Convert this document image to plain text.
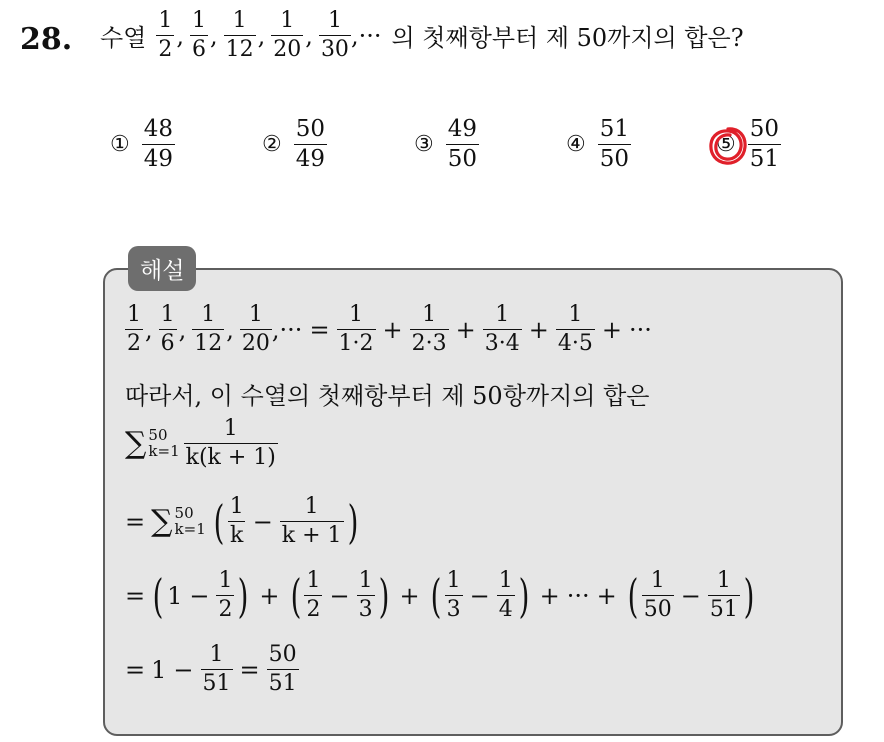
28. 수열 $\frac{1}{2}$ , $\frac{1}{6}$ , $\frac{1}{12}$ , $\frac{1}{20}$ , $\frac{1}{30}$ ,··· 의 첫째항부터 제 50까지의 합은?
① $\frac{48}{49}$	② $\frac{50}{49}$	③ $\frac{49}{50}$	④ $\frac{51}{50}$	⑤ $\frac{50}{51}$
해설
$\frac{1}{2}$ , $\frac{1}{6}$ , $\frac{1}{12}$ , $\frac{1}{20}$ ,··· = $\frac{1}{1\cdot 2} + \frac{1}{2\cdot 3} + \frac{1}{3\cdot 4} + \frac{1}{4\cdot 5}$ + ···
따라서, 이 수열의 첫째항부터 제 50항까지의 합은
∑ 50
$k=1 \frac{1}{k(k + 1)}$
= ∑ 50
k=1 ( $\frac{1}{k} - \frac{1}{k + 1}$ )
= ( $1 - \frac{1}{2}$ ) + ( $\frac{1}{2} - \frac{1}{3}$ ) + ( $\frac{1}{3} - \frac{1}{4}$ ) + ··· + ( $\frac{1}{50} - \frac{1}{51}$ )
= $1 - \frac{1}{51} = \frac{50}{51}$
